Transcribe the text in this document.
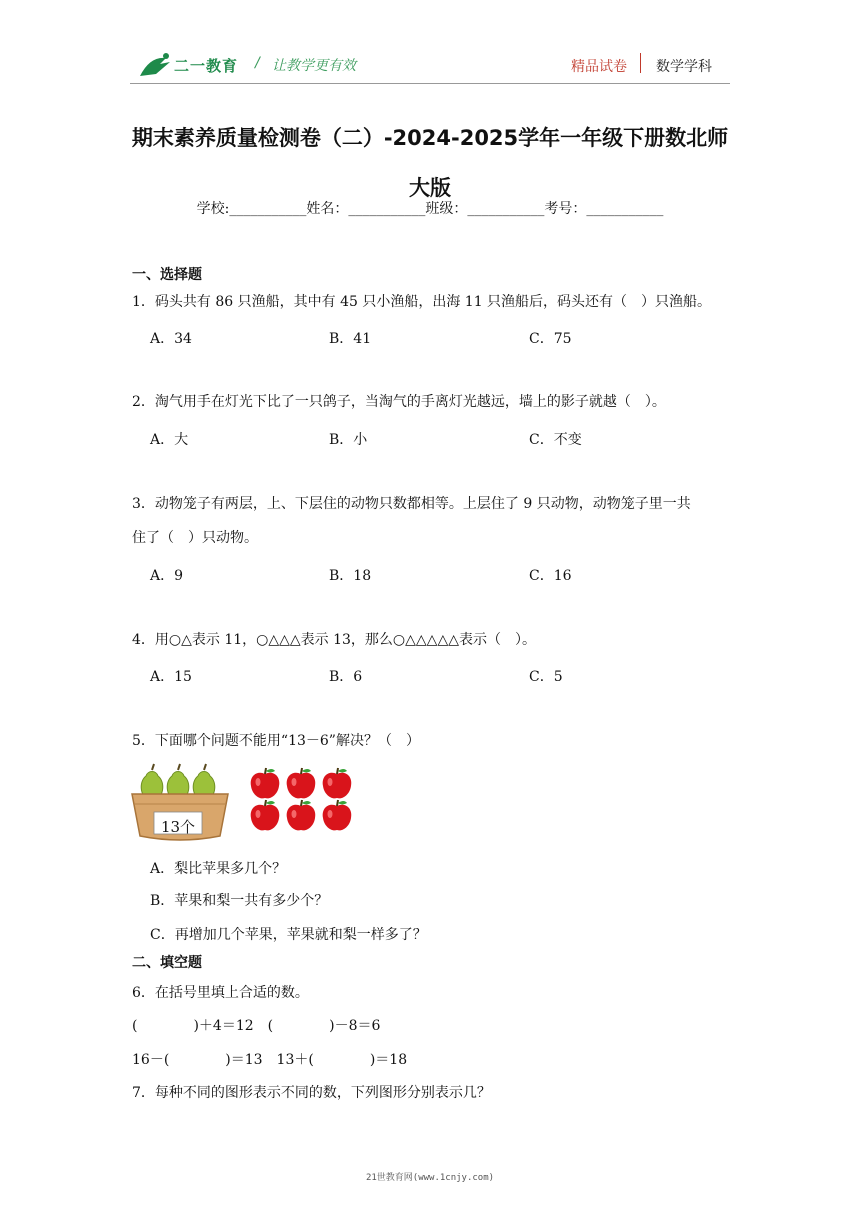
二一教育 / 让教学更有效	精品试卷 数学学科
期末素养质量检测卷（二）-2024-2025学年一年级下册数北师
大版
学校:___________姓名：___________班级：___________考号：___________
一、选择题
1．码头共有 86 只渔船，其中有 45 只小渔船，出海 11 只渔船后，码头还有（　）只渔船。
A．34	B．41	C．75
2．淘气用手在灯光下比了一只鸽子，当淘气的手离灯光越远，墙上的影子就越（　）。
A．大	B．小	C．不变
3．动物笼子有两层，上、下层住的动物只数都相等。上层住了 9 只动物，动物笼子里一共
住了（　）只动物。
A．9	B．18	C．16
4．用○△表示 11，○△△△表示 13，那么○△△△△△表示（　）。
A．15	B．6	C．5
5．下面哪个问题不能用“13－6”解决？（　）
13个
A．梨比苹果多几个？
B．苹果和梨一共有多少个？
C．再增加几个苹果，苹果就和梨一样多了？
二、填空题
6．在括号里填上合适的数。
(　　　　)＋4＝12　(　　　　)－8＝6
16－(　　　　)＝13　13＋(　　　　)＝18
7．每种不同的图形表示不同的数，下列图形分别表示几？
21世教育网(www.1cnjy.com)
